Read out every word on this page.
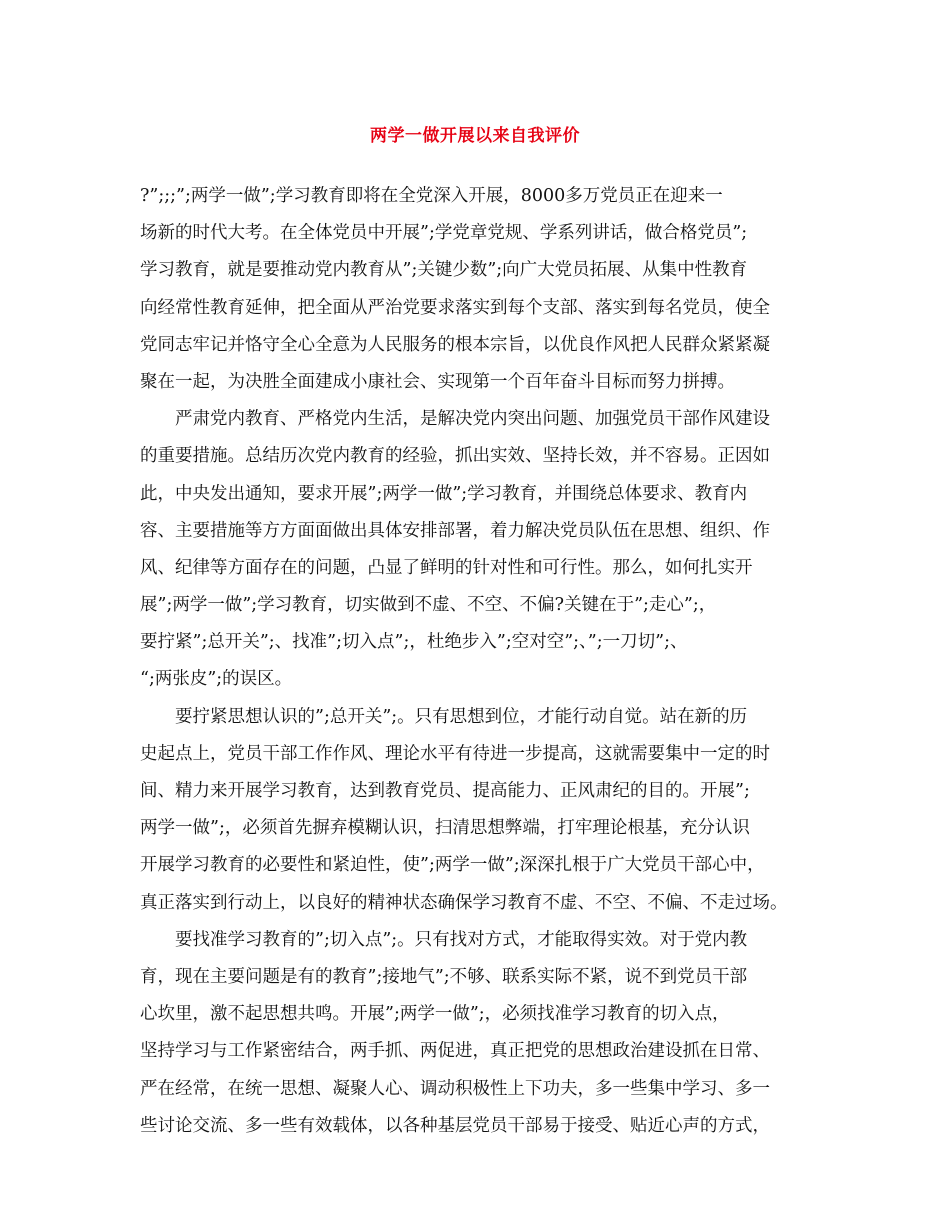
两学一做开展以来自我评价
?”;;;”;两学一做”;学习教育即将在全党深入开展，8000多万党员正在迎来一
场新的时代大考。在全体党员中开展”;学党章党规、学系列讲话，做合格党员”;
学习教育，就是要推动党内教育从”;关键少数”;向广大党员拓展、从集中性教育
向经常性教育延伸，把全面从严治党要求落实到每个支部、落实到每名党员，使全
党同志牢记并恪守全心全意为人民服务的根本宗旨，以优良作风把人民群众紧紧凝
聚在一起，为决胜全面建成小康社会、实现第一个百年奋斗目标而努力拼搏。
　　严肃党内教育、严格党内生活，是解决党内突出问题、加强党员干部作风建设
的重要措施。总结历次党内教育的经验，抓出实效、坚持长效，并不容易。正因如
此，中央发出通知，要求开展”;两学一做”;学习教育，并围绕总体要求、教育内
容、主要措施等方方面面做出具体安排部署，着力解决党员队伍在思想、组织、作
风、纪律等方面存在的问题，凸显了鲜明的针对性和可行性。那么，如何扎实开
展”;两学一做”;学习教育，切实做到不虚、不空、不偏?关键在于”;走心”;，
要拧紧”;总开关”;、找准”;切入点”;，杜绝步入”;空对空”;、”;一刀切”;、
“;两张皮”;的误区。
　　要拧紧思想认识的”;总开关”;。只有思想到位，才能行动自觉。站在新的历
史起点上，党员干部工作作风、理论水平有待进一步提高，这就需要集中一定的时
间、精力来开展学习教育，达到教育党员、提高能力、正风肃纪的目的。开展”;
两学一做”;，必须首先摒弃模糊认识，扫清思想弊端，打牢理论根基，充分认识
开展学习教育的必要性和紧迫性，使”;两学一做”;深深扎根于广大党员干部心中，
真正落实到行动上，以良好的精神状态确保学习教育不虚、不空、不偏、不走过场。
　　要找准学习教育的”;切入点”;。只有找对方式，才能取得实效。对于党内教
育，现在主要问题是有的教育”;接地气”;不够、联系实际不紧，说不到党员干部
心坎里，激不起思想共鸣。开展”;两学一做”;，必须找准学习教育的切入点，
坚持学习与工作紧密结合，两手抓、两促进，真正把党的思想政治建设抓在日常、
严在经常，在统一思想、凝聚人心、调动积极性上下功夫，多一些集中学习、多一
些讨论交流、多一些有效载体，以各种基层党员干部易于接受、贴近心声的方式，
